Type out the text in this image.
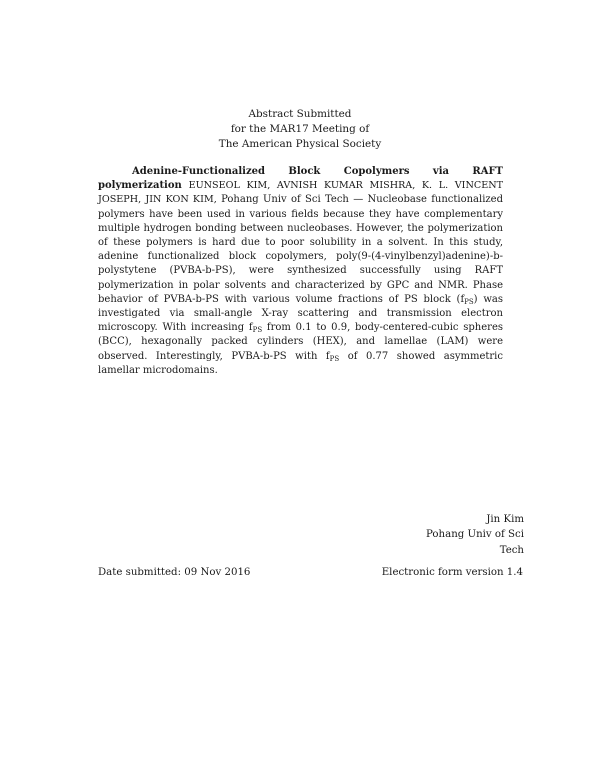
Abstract Submitted
for the MAR17 Meeting of
The American Physical Society
Adenine-Functionalized Block Copolymers via RAFT polymerization EUNSEOL KIM, AVNISH KUMAR MISHRA, K. L. VINCENT JOSEPH, JIN KON KIM, Pohang Univ of Sci Tech — Nucleobase functionalized polymers have been used in various fields because they have complementary multiple hydrogen bonding between nucleobases. However, the polymerization of these polymers is hard due to poor solubility in a solvent. In this study, adenine functionalized block copolymers, poly(9-(4-vinylbenzyl)adenine)-b-polystytene (PVBA-b-PS), were synthesized successfully using RAFT polymerization in polar solvents and characterized by GPC and NMR. Phase behavior of PVBA-b-PS with various volume fractions of PS block $(f_{PS})$ was investigated via small-angle X-ray scattering and transmission electron microscopy. With increasing $f_{PS}$ from 0.1 to 0.9, body-centered-cubic spheres (BCC), hexagonally packed cylinders (HEX), and lamellae (LAM) were observed. Interestingly, PVBA-b-PS with $f_{PS}$ of 0.77 showed asymmetric lamellar microdomains.
Jin Kim
Pohang Univ of Sci
Tech
Date submitted: 09 Nov 2016	Electronic form version 1.4
